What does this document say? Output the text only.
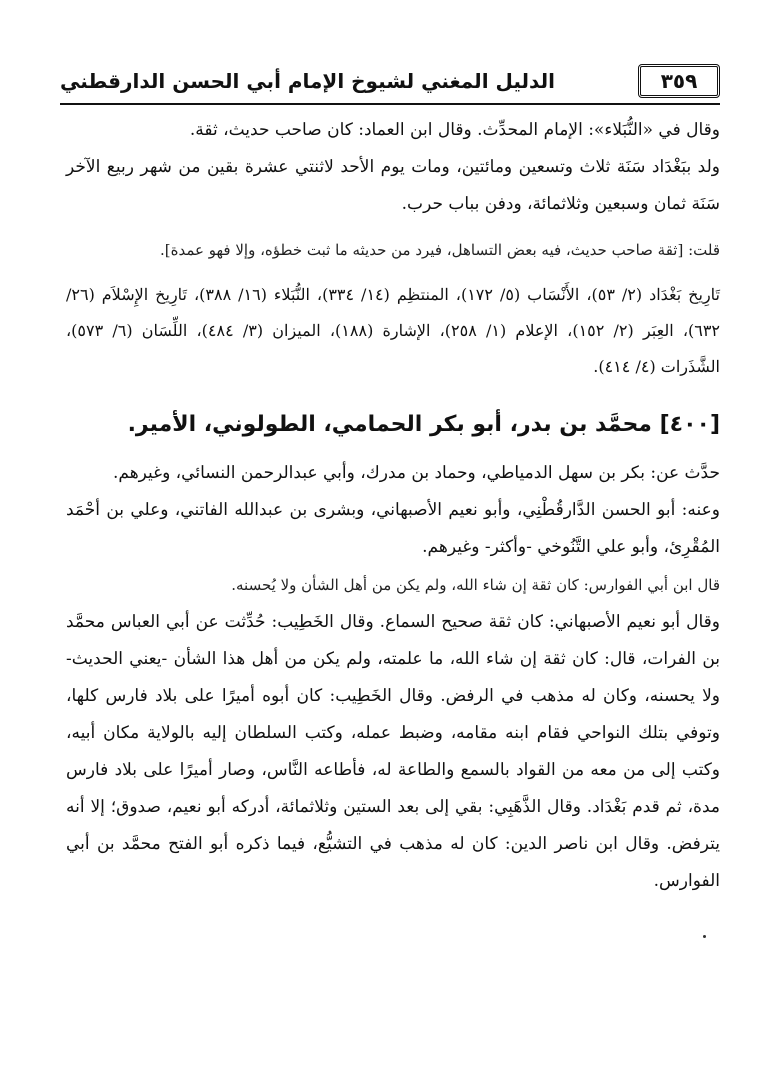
الدليل المغني لشيوخ الإمام أبي الحسن الدارقطني	٣٥٩

وقال في «النُّبَلاء»: الإمام المحدِّث. وقال ابن العماد: كان صاحب حديث، ثقة.

ولد ببَغْدَاد سَنَة ثلاث وتسعين ومائتين، ومات يوم الأحد لاثنتي عشرة بقين من شهر ربيع الآخر سَنَة ثمان وسبعين وثلاثمائة، ودفن بباب حرب.

قلت: [ثقة صاحب حديث، فيه بعض التساهل، فيرد من حديثه ما ثبت خطؤه، وإلا فهو عمدة].

تَارِيخ بَغْدَاد (٢/ ٥٣)، الأَنْسَاب (٥/ ١٧٢)، المنتظِم (١٤/ ٣٣٤)، النُّبَلاء (١٦/ ٣٨٨)، تَارِيخ الإِسْلاَم (٢٦/ ٦٣٢)، العِبَر (٢/ ١٥٢)، الإعلام (١/ ٢٥٨)، الإشارة (١٨٨)، الميزان (٣/ ٤٨٤)، اللِّسَان (٦/ ٥٧٣)، الشَّذَرات (٤/ ٤١٤).

[٤٠٠] محمَّد بن بدر، أبو بكر الحمامي، الطولوني، الأمير.

حدَّث عن: بكر بن سهل الدمياطي، وحماد بن مدرك، وأبي عبدالرحمن النسائي، وغيرهم.

وعنه: أبو الحسن الدَّارقُطْنِي، وأبو نعيم الأصبهاني، وبشرى بن عبدالله الفاتني، وعلي بن أحْمَد المُقْرِئ، وأبو علي التَّنُوخي -وأكثر- وغيرهم.

قال ابن أبي الفوارس: كان ثقة إن شاء الله، ولم يكن من أهل الشأن ولا يُحسنه.

وقال أبو نعيم الأصبهاني: كان ثقة صحيح السماع. وقال الخَطِيب: حُدِّثت عن أبي العباس محمَّد بن الفرات، قال: كان ثقة إن شاء الله، ما علمته، ولم يكن من أهل هذا الشأن -يعني الحديث- ولا يحسنه، وكان له مذهب في الرفض. وقال الخَطِيب: كان أبوه أميرًا على بلاد فارس كلها، وتوفي بتلك النواحي فقام ابنه مقامه، وضبط عمله، وكتب السلطان إليه بالولاية مكان أبيه، وكتب إلى من معه من القواد بالسمع والطاعة له، فأطاعه النَّاس، وصار أميرًا على بلاد فارس مدة، ثم قدم بَغْدَاد. وقال الذَّهَبِي: بقي إلى بعد الستين وثلاثمائة، أدركه أبو نعيم، صدوق؛ إلا أنه يترفض. وقال ابن ناصر الدين: كان له مذهب في التشيُّع، فيما ذكره أبو الفتح محمَّد بن أبي الفوارس.
